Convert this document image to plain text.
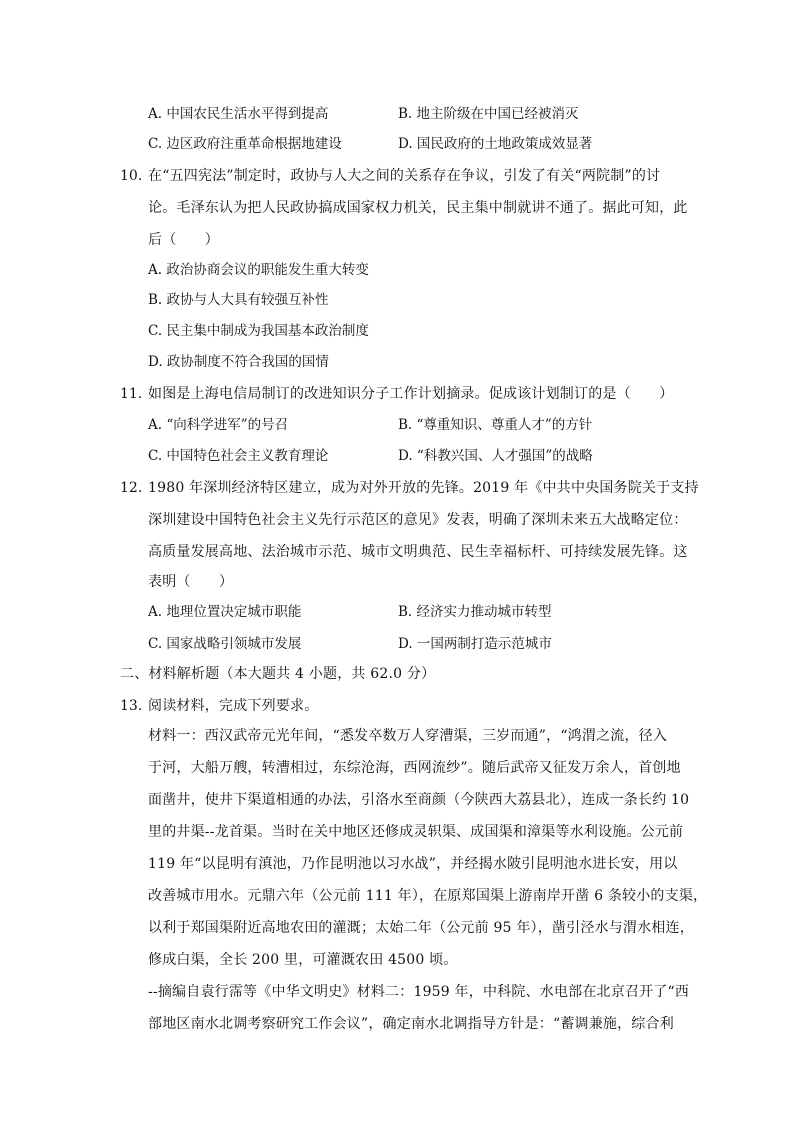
A. 中国农民生活水平得到提高	B. 地主阶级在中国已经被消灭
C. 边区政府注重革命根据地建设	D. 国民政府的土地政策成效显著
10. 在“五四宪法”制定时，政协与人大之间的关系存在争议，引发了有关“两院制”的讨
论。毛泽东认为把人民政协搞成国家权力机关，民主集中制就讲不通了。据此可知，此
后（　　）
A. 政治协商会议的职能发生重大转变
B. 政协与人大具有较强互补性
C. 民主集中制成为我国基本政治制度
D. 政协制度不符合我国的国情
11. 如图是上海电信局制订的改进知识分子工作计划摘录。促成该计划制订的是（　　）
A. “向科学进军”的号召	B. “尊重知识、尊重人才”的方针
C. 中国特色社会主义教育理论	D. “科教兴国、人才强国”的战略
12. 1980 年深圳经济特区建立，成为对外开放的先锋。2019 年《中共中央国务院关于支持
深圳建设中国特色社会主义先行示范区的意见》发表，明确了深圳未来五大战略定位：
高质量发展高地、法治城市示范、城市文明典范、民生幸福标杆、可持续发展先锋。这
表明（　　）
A. 地理位置决定城市职能	B. 经济实力推动城市转型
C. 国家战略引领城市发展	D. 一国两制打造示范城市
二、材料解析题（本大题共 4 小题，共 62.0 分）
13. 阅读材料，完成下列要求。
材料一：西汉武帝元光年间，“悉发卒数万人穿漕渠，三岁而通”，“鸿渭之流，径入
于河，大船万艘，转漕相过，东综沧海，西网流纱”。随后武帝又征发万余人，首创地
面凿井，使井下渠道相通的办法，引洛水至商颜（今陕西大荔县北），连成一条长约 10
里的井渠--龙首渠。当时在关中地区还修成灵轵渠、成国渠和漳渠等水利设施。公元前
119 年“以昆明有滇池，乃作昆明池以习水战”，并经揭水陂引昆明池水进长安，用以
改善城市用水。元鼎六年（公元前 111 年），在原郑国渠上游南岸开凿 6 条较小的支渠，
以利于郑国渠附近高地农田的灌溉；太始二年（公元前 95 年），凿引泾水与渭水相连，
修成白渠，全长 200 里，可灌溉农田 4500 顷。
--摘编自袁行霈等《中华文明史》材料二：1959 年，中科院、水电部在北京召开了“西
部地区南水北调考察研究工作会议”，确定南水北调指导方针是：“蓄调兼施，综合利
